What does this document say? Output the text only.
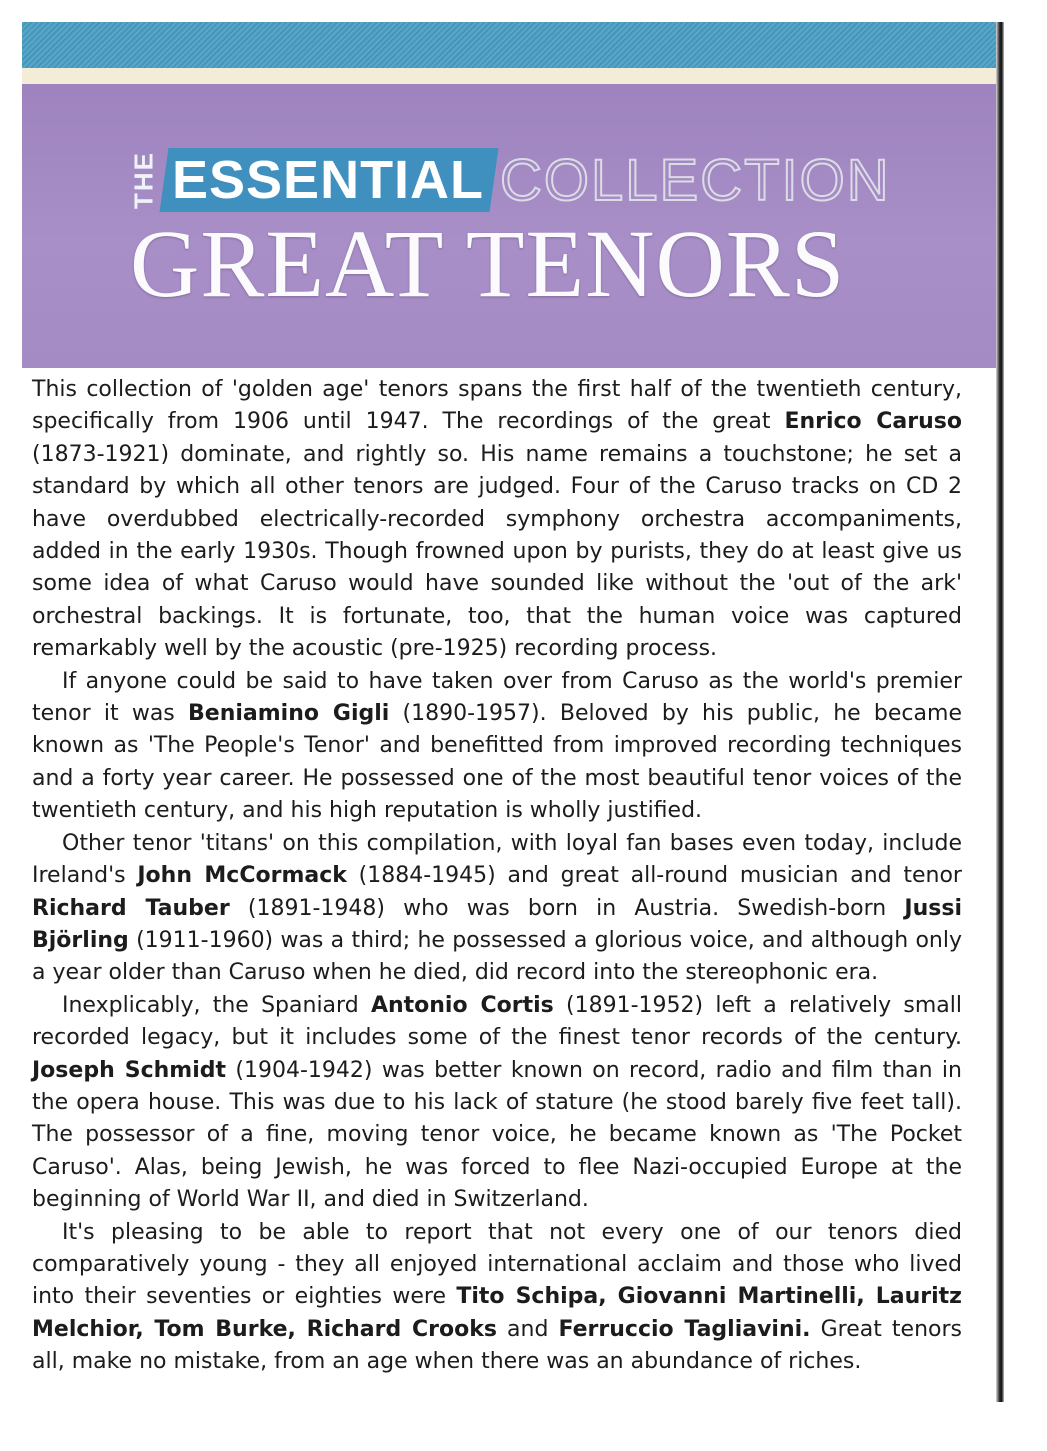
THE ESSENTIAL COLLECTION
GREAT TENORS

This collection of 'golden age' tenors spans the first half of the twentieth century, specifically from 1906 until 1947. The recordings of the great Enrico Caruso (1873-1921) dominate, and rightly so. His name remains a touchstone; he set a standard by which all other tenors are judged. Four of the Caruso tracks on CD 2 have overdubbed electrically-recorded symphony orchestra accompaniments, added in the early 1930s. Though frowned upon by purists, they do at least give us some idea of what Caruso would have sounded like without the 'out of the ark' orchestral backings. It is fortunate, too, that the human voice was captured remarkably well by the acoustic (pre-1925) recording process.

If anyone could be said to have taken over from Caruso as the world's premier tenor it was Beniamino Gigli (1890-1957). Beloved by his public, he became known as 'The People's Tenor' and benefitted from improved recording techniques and a forty year career. He possessed one of the most beautiful tenor voices of the twentieth century, and his high reputation is wholly justified.

Other tenor 'titans' on this compilation, with loyal fan bases even today, include Ireland's John McCormack (1884-1945) and great all-round musician and tenor Richard Tauber (1891-1948) who was born in Austria. Swedish-born Jussi Björling (1911-1960) was a third; he possessed a glorious voice, and although only a year older than Caruso when he died, did record into the stereophonic era.

Inexplicably, the Spaniard Antonio Cortis (1891-1952) left a relatively small recorded legacy, but it includes some of the finest tenor records of the century. Joseph Schmidt (1904-1942) was better known on record, radio and film than in the opera house. This was due to his lack of stature (he stood barely five feet tall). The possessor of a fine, moving tenor voice, he became known as 'The Pocket Caruso'. Alas, being Jewish, he was forced to flee Nazi-occupied Europe at the beginning of World War II, and died in Switzerland.

It's pleasing to be able to report that not every one of our tenors died comparatively young - they all enjoyed international acclaim and those who lived into their seventies or eighties were Tito Schipa, Giovanni Martinelli, Lauritz Melchior, Tom Burke, Richard Crooks and Ferruccio Tagliavini. Great tenors all, make no mistake, from an age when there was an abundance of riches.
